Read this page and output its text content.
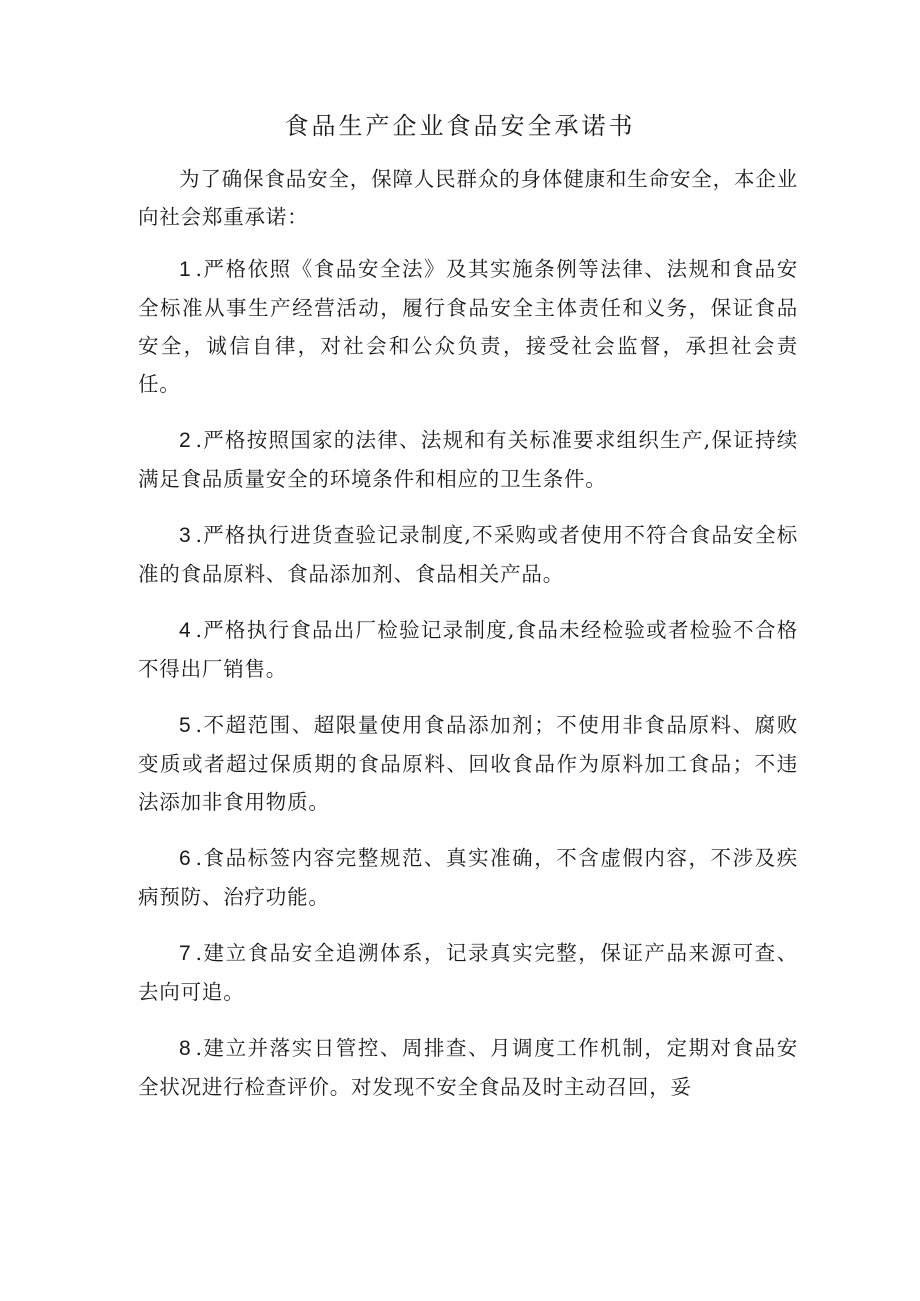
食品生产企业食品安全承诺书

为了确保食品安全，保障人民群众的身体健康和生命安全，本企业向社会郑重承诺：

1 .严格依照《食品安全法》及其实施条例等法律、法规和食品安全标准从事生产经营活动，履行食品安全主体责任和义务，保证食品安全，诚信自律，对社会和公众负责，接受社会监督，承担社会责任。

2 .严格按照国家的法律、法规和有关标准要求组织生产,保证持续满足食品质量安全的环境条件和相应的卫生条件。

3 .严格执行进货查验记录制度,不采购或者使用不符合食品安全标准的食品原料、食品添加剂、食品相关产品。

4 .严格执行食品出厂检验记录制度,食品未经检验或者检验不合格不得出厂销售。

5 .不超范围、超限量使用食品添加剂；不使用非食品原料、腐败变质或者超过保质期的食品原料、回收食品作为原料加工食品；不违法添加非食用物质。

6 .食品标签内容完整规范、真实准确，不含虚假内容，不涉及疾病预防、治疗功能。

7 .建立食品安全追溯体系，记录真实完整，保证产品来源可查、去向可追。

8 .建立并落实日管控、周排查、月调度工作机制，定期对食品安全状况进行检查评价。对发现不安全食品及时主动召回，妥
